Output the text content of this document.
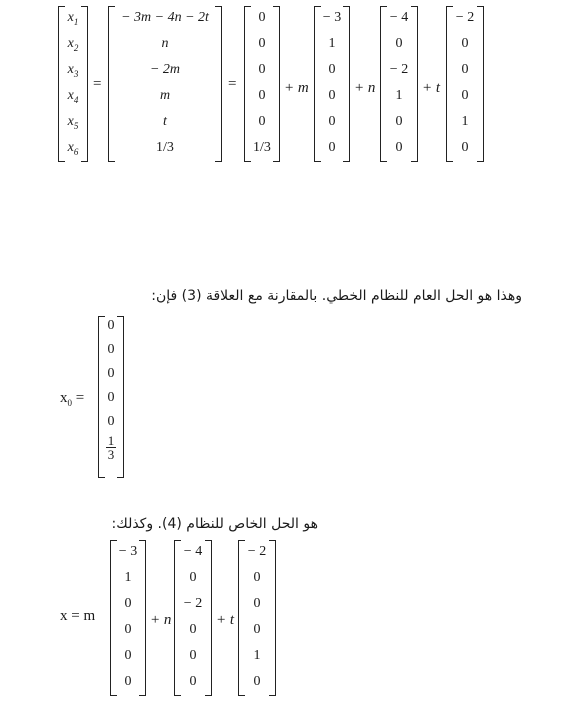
$x_1$
$x_2$
$x_3$
$x_4$
$x_5$
$x_6$
=
− 3m − 4n − 2t
n
− 2m
m
t
1/3
=
0
0
0
0
0
1/3
+ m
− 3
1
0
0
0
0
+ n
− 4
0
− 2
1
0
0
+ t
− 2
0
0
0
1
0
وهذا هو الحل العام للنظام الخطي. بالمقارنة مع العلاقة (3) فإن:
$x_0$ =
0
0
0
0
0
$\frac{1}{3}$
هو الحل الخاص للنظام (4). وكذلك:
x = m
− 3
1
0
0
0
0
+ n
− 4
0
− 2
0
0
0
+ t
− 2
0
0
0
1
0
